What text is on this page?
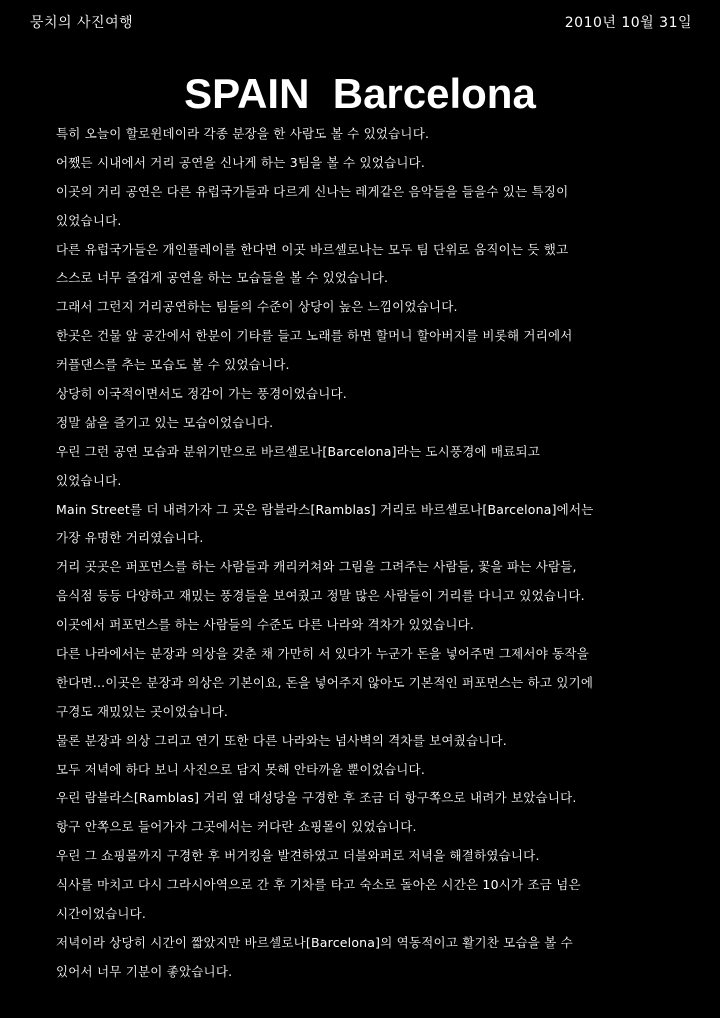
뭉치의 사진여행	2010년 10월 31일
SPAIN  Barcelona
특히 오늘이 할로윈데이라 각종 분장을 한 사람도 볼 수 있었습니다.
어쨌든 시내에서 거리 공연을 신나게 하는 3팀을 볼 수 있었습니다.
이곳의 거리 공연은 다른 유럽국가들과 다르게 신나는 레게같은 음악들을 들을수 있는 특징이
있었습니다.
다른 유럽국가들은 개인플레이를 한다면 이곳 바르셀로나는 모두 팀 단위로 움직이는 듯 했고
스스로 너무 즐겁게 공연을 하는 모습들을 볼 수 있었습니다.
그래서 그런지 거리공연하는 팀들의 수준이 상당이 높은 느낌이었습니다.
한곳은 건물 앞 공간에서 한분이 기타를 들고 노래를 하면 할머니 할아버지를 비롯해 거리에서
커플댄스를 추는 모습도 볼 수 있었습니다.
상당히 이국적이면서도 정감이 가는 풍경이었습니다.
정말 삶을 즐기고 있는 모습이었습니다.
우린 그런 공연 모습과 분위기만으로 바르셀로나[Barcelona]라는 도시풍경에 매료되고
있었습니다.
Main Street를 더 내려가자 그 곳은 람블라스[Ramblas] 거리로 바르셀로나[Barcelona]에서는
가장 유명한 거리였습니다.
거리 곳곳은 퍼포먼스를 하는 사람들과 캐리커쳐와 그림을 그려주는 사람들, 꽃을 파는 사람들,
음식점 등등 다양하고 재밌는 풍경들을 보여줬고 정말 많은 사람들이 거리를 다니고 있었습니다.
이곳에서 퍼포먼스를 하는 사람들의 수준도 다른 나라와 격차가 있었습니다.
다른 나라에서는 분장과 의상을 갖춘 채 가만히 서 있다가 누군가 돈을 넣어주면 그제서야 동작을
한다면...이곳은 분장과 의상은 기본이요, 돈을 넣어주지 않아도 기본적인 퍼포먼스는 하고 있기에
구경도 재밌있는 곳이었습니다.
물론 분장과 의상 그리고 연기 또한 다른 나라와는 넘사벽의 격차를 보여줬습니다.
모두 저녁에 하다 보니 사진으로 담지 못해 안타까울 뿐이었습니다.
우린 람블라스[Ramblas] 거리 옆 대성당을 구경한 후 조금 더 항구쪽으로 내려가 보았습니다.
항구 안쪽으로 들어가자 그곳에서는 커다란 쇼핑몰이 있었습니다.
우린 그 쇼핑몰까지 구경한 후 버거킹을 발견하였고 더블와퍼로 저녁을 해결하였습니다.
식사를 마치고 다시 그라시아역으로 간 후 기차를 타고 숙소로 돌아온 시간은 10시가 조금 넘은
시간이었습니다.
저녁이라 상당히 시간이 짧았지만 바르셀로나[Barcelona]의 역동적이고 활기찬 모습을 볼 수
있어서 너무 기분이 좋았습니다.
